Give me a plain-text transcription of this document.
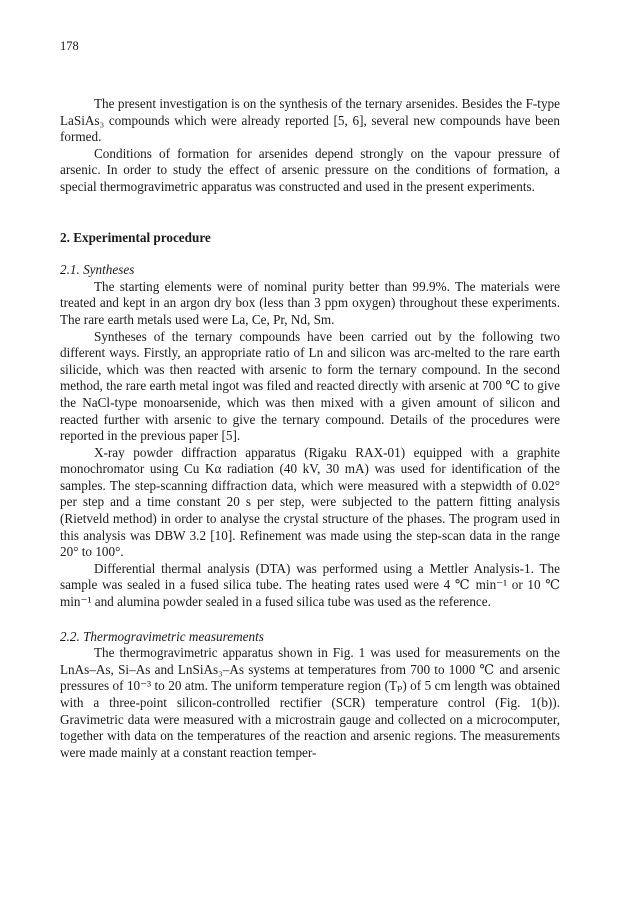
178

The present investigation is on the synthesis of the ternary arsenides. Besides the F-type LaSiAs₃ compounds which were already reported [5, 6], several new compounds have been formed.

Conditions of formation for arsenides depend strongly on the vapour pressure of arsenic. In order to study the effect of arsenic pressure on the conditions of formation, a special thermogravimetric apparatus was constructed and used in the present experiments.

2. Experimental procedure
2.1. Syntheses

The starting elements were of nominal purity better than 99.9%. The materials were treated and kept in an argon dry box (less than 3 ppm oxygen) throughout these experiments. The rare earth metals used were La, Ce, Pr, Nd, Sm.

Syntheses of the ternary compounds have been carried out by the following two different ways. Firstly, an appropriate ratio of Ln and silicon was arc-melted to the rare earth silicide, which was then reacted with arsenic to form the ternary compound. In the second method, the rare earth metal ingot was filed and reacted directly with arsenic at 700 ℃ to give the NaCl-type monoarsenide, which was then mixed with a given amount of silicon and reacted further with arsenic to give the ternary compound. Details of the procedures were reported in the previous paper [5].

X-ray powder diffraction apparatus (Rigaku RAX-01) equipped with a graphite monochromator using Cu Kα radiation (40 kV, 30 mA) was used for identification of the samples. The step-scanning diffraction data, which were measured with a stepwidth of 0.02° per step and a time constant 20 s per step, were subjected to the pattern fitting analysis (Rietveld method) in order to analyse the crystal structure of the phases. The program used in this analysis was DBW 3.2 [10]. Refinement was made using the step-scan data in the range 20° to 100°.

Differential thermal analysis (DTA) was performed using a Mettler Analysis-1. The sample was sealed in a fused silica tube. The heating rates used were 4 ℃ min⁻¹ or 10 ℃ min⁻¹ and alumina powder sealed in a fused silica tube was used as the reference.

2.2. Thermogravimetric measurements

The thermogravimetric apparatus shown in Fig. 1 was used for measurements on the LnAs–As, Si–As and LnSiAs₃–As systems at temperatures from 700 to 1000 ℃ and arsenic pressures of 10⁻³ to 20 atm. The uniform temperature region (Tₚ) of 5 cm length was obtained with a three-point silicon-controlled rectifier (SCR) temperature control (Fig. 1(b)). Gravimetric data were measured with a microstrain gauge and collected on a microcomputer, together with data on the temperatures of the reaction and arsenic regions. The measurements were made mainly at a constant reaction temper-
